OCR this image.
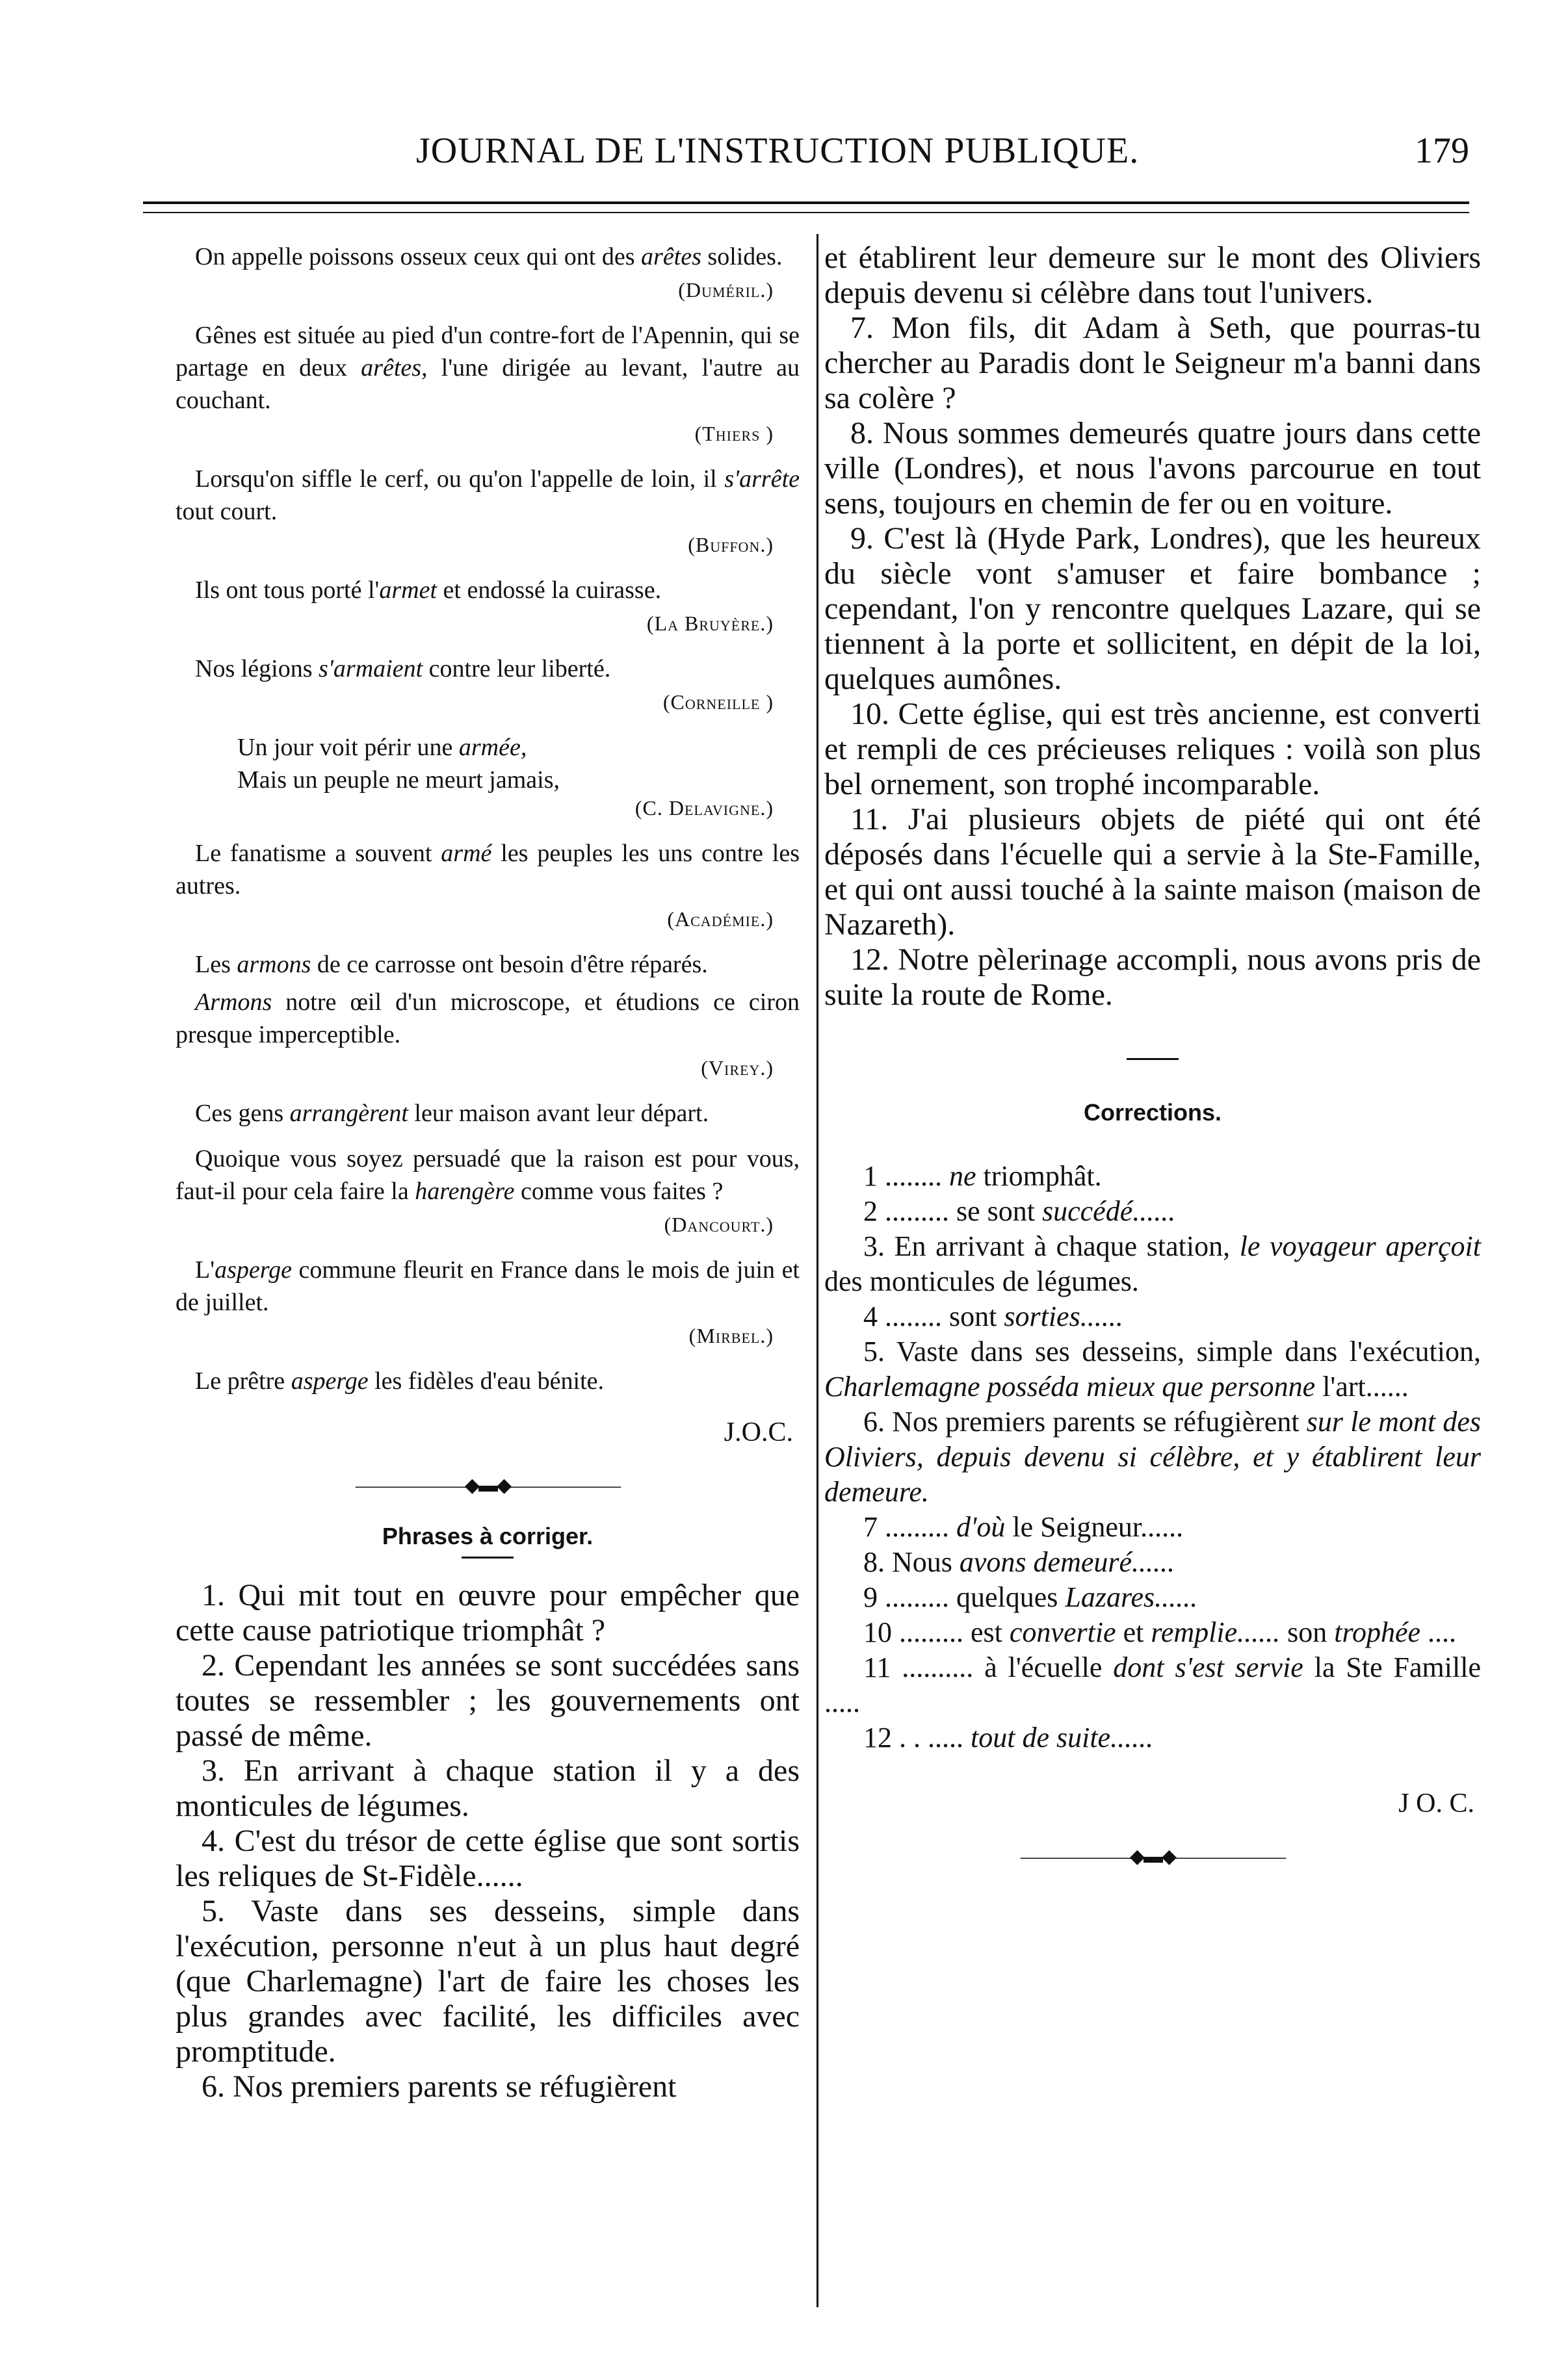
JOURNAL DE L'INSTRUCTION PUBLIQUE.	179

On appelle poissons osseux ceux qui ont des arêtes solides.

(Duméril.)

Gênes est située au pied d'un contre-fort de l'Apennin, qui se partage en deux arêtes, l'une dirigée au levant, l'autre au couchant.

(Thiers )

Lorsqu'on siffle le cerf, ou qu'on l'appelle de loin, il s'arrête tout court.

(Buffon.)

Ils ont tous porté l'armet et endossé la cuirasse.

(La Bruyère.)

Nos légions s'armaient contre leur liberté.

(Corneille )
Un jour voit périr une armée,
Mais un peuple ne meurt jamais,
(C. Delavigne.)

Le fanatisme a souvent armé les peuples les uns contre les autres.

(Académie.)

Les armons de ce carrosse ont besoin d'être réparés.

Armons notre œil d'un microscope, et étudions ce ciron presque imperceptible.

(Virey.)

Ces gens arrangèrent leur maison avant leur départ.

Quoique vous soyez persuadé que la raison est pour vous, faut-il pour cela faire la harengère comme vous faites ?

(Dancourt.)

L'asperge commune fleurit en France dans le mois de juin et de juillet.

(Mirbel.)

Le prêtre asperge les fidèles d'eau bénite.

J.O.C.
——————◆▬◆——————
Phrases à corriger.

1. Qui mit tout en œuvre pour empêcher que cette cause patriotique triomphât ?

2. Cependant les années se sont succédées sans toutes se ressembler ; les gouvernements ont passé de même.

3. En arrivant à chaque station il y a des monticules de légumes.

4. C'est du trésor de cette église que sont sortis les reliques de St-Fidèle......

5. Vaste dans ses desseins, simple dans l'exécution, personne n'eut à un plus haut degré (que Charlemagne) l'art de faire les choses les plus grandes avec facilité, les difficiles avec promptitude.

6. Nos premiers parents se réfugièrent

et établirent leur demeure sur le mont des Oliviers depuis devenu si célèbre dans tout l'univers.

7. Mon fils, dit Adam à Seth, que pourras-tu chercher au Paradis dont le Seigneur m'a banni dans sa colère ?

8. Nous sommes demeurés quatre jours dans cette ville (Londres), et nous l'avons parcourue en tout sens, toujours en chemin de fer ou en voiture.

9. C'est là (Hyde Park, Londres), que les heureux du siècle vont s'amuser et faire bombance ; cependant, l'on y rencontre quelques Lazare, qui se tiennent à la porte et sollicitent, en dépit de la loi, quelques aumônes.

10. Cette église, qui est très ancienne, est converti et rempli de ces précieuses reliques : voilà son plus bel ornement, son trophé incomparable.

11. J'ai plusieurs objets de piété qui ont été déposés dans l'écuelle qui a servie à la Ste-Famille, et qui ont aussi touché à la sainte maison (maison de Nazareth).

12. Notre pèlerinage accompli, nous avons pris de suite la route de Rome.

Corrections.

1 ........ ne triomphât.

2 ......... se sont succédé......

3. En arrivant à chaque station, le voyageur aperçoit des monticules de légumes.

4 ........ sont sorties......

5. Vaste dans ses desseins, simple dans l'exécution, Charlemagne posséda mieux que personne l'art......

6. Nos premiers parents se réfugièrent sur le mont des Oliviers, depuis devenu si célèbre, et y établirent leur demeure.

7 ......... d'où le Seigneur......

8. Nous avons demeuré......

9 ......... quelques Lazares......

10 ......... est convertie et remplie...... son trophée ....

11 .......... à l'écuelle dont s'est servie la Ste Famille .....

12 . . ..... tout de suite......

J O. C.
——————◆▬◆——————
